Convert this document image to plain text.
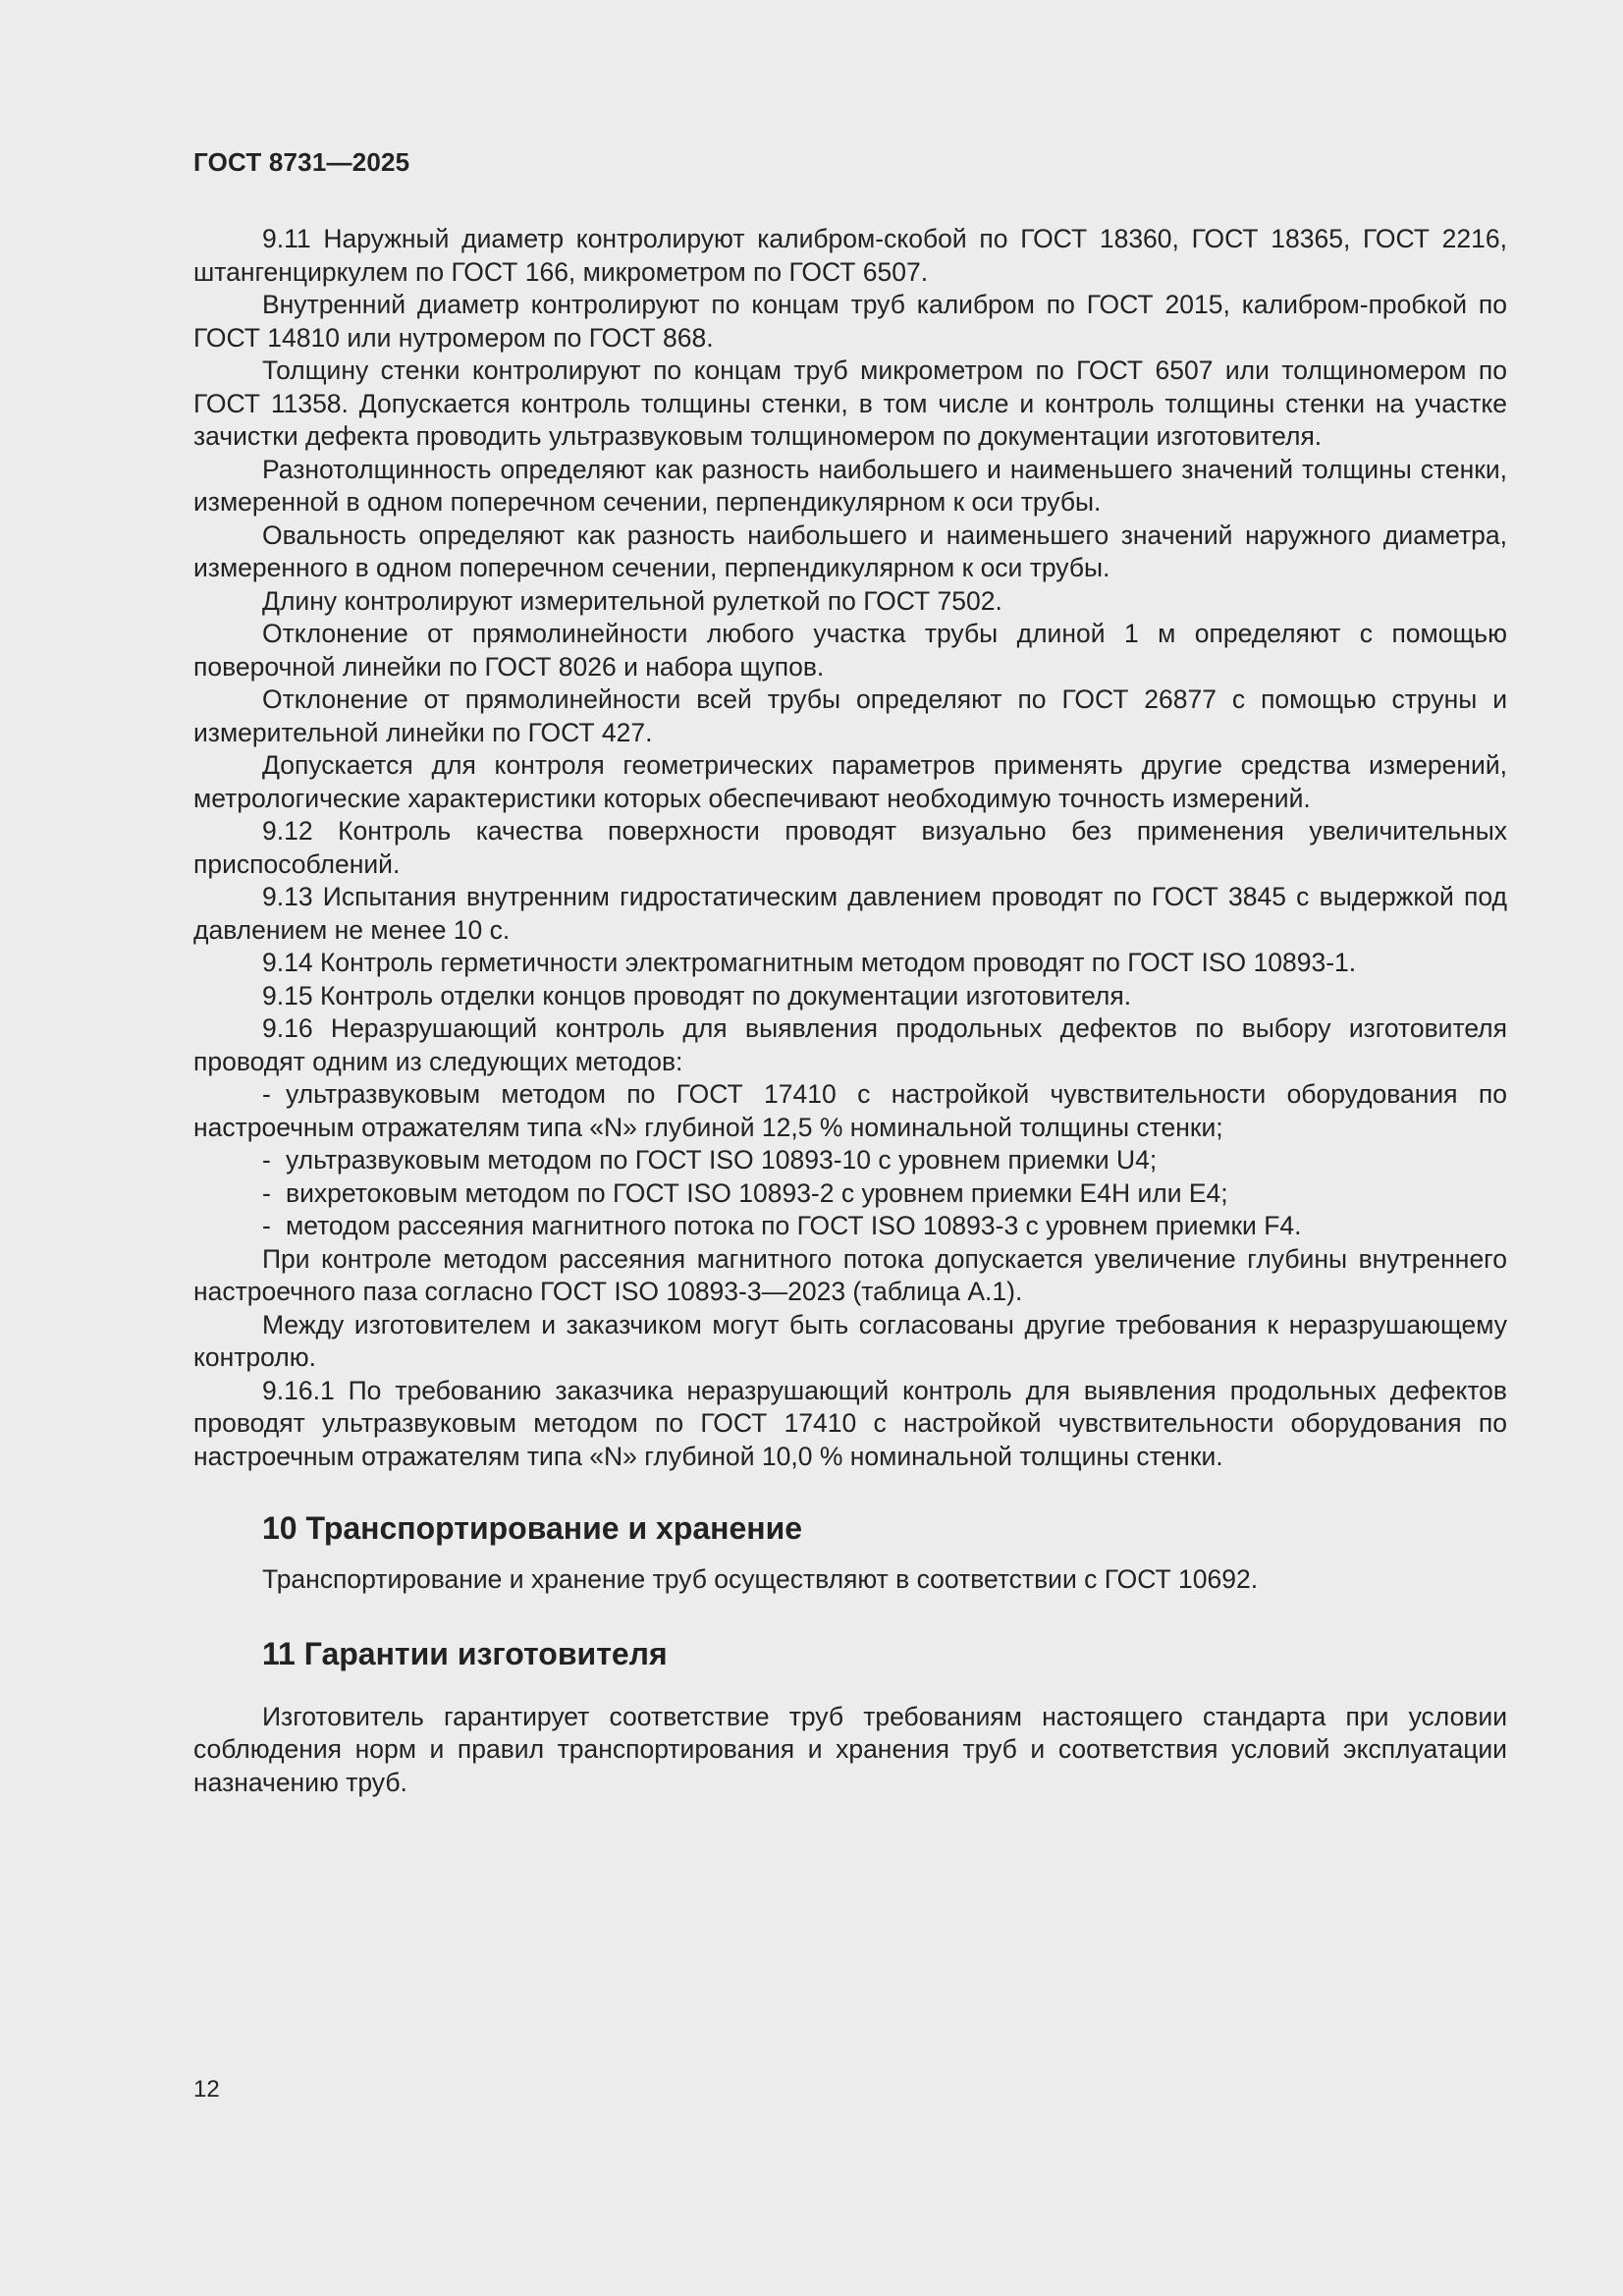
ГОСТ 8731—2025

9.11 Наружный диаметр контролируют калибром-скобой по ГОСТ 18360, ГОСТ 18365, ГОСТ 2216, штангенциркулем по ГОСТ 166, микрометром по ГОСТ 6507.

Внутренний диаметр контролируют по концам труб калибром по ГОСТ 2015, калибром-пробкой по ГОСТ 14810 или нутромером по ГОСТ 868.

Толщину стенки контролируют по концам труб микрометром по ГОСТ 6507 или толщиномером по ГОСТ 11358. Допускается контроль толщины стенки, в том числе и контроль толщины стенки на участке зачистки дефекта проводить ультразвуковым толщиномером по документации изготовителя.

Разнотолщинность определяют как разность наибольшего и наименьшего значений толщины стенки, измеренной в одном поперечном сечении, перпендикулярном к оси трубы.

Овальность определяют как разность наибольшего и наименьшего значений наружного диаметра, измеренного в одном поперечном сечении, перпендикулярном к оси трубы.

Длину контролируют измерительной рулеткой по ГОСТ 7502.

Отклонение от прямолинейности любого участка трубы длиной 1 м определяют с помощью поверочной линейки по ГОСТ 8026 и набора щупов.

Отклонение от прямолинейности всей трубы определяют по ГОСТ 26877 с помощью струны и измерительной линейки по ГОСТ 427.

Допускается для контроля геометрических параметров применять другие средства измерений, метрологические характеристики которых обеспечивают необходимую точность измерений.

9.12 Контроль качества поверхности проводят визуально без применения увеличительных приспособлений.

9.13 Испытания внутренним гидростатическим давлением проводят по ГОСТ 3845 с выдержкой под давлением не менее 10 с.

9.14 Контроль герметичности электромагнитным методом проводят по ГОСТ ISO 10893-1.

9.15 Контроль отделки концов проводят по документации изготовителя.

9.16 Неразрушающий контроль для выявления продольных дефектов по выбору изготовителя проводят одним из следующих методов:

- ультразвуковым методом по ГОСТ 17410 с настройкой чувствительности оборудования по настроечным отражателям типа «N» глубиной 12,5 % номинальной толщины стенки;

- ультразвуковым методом по ГОСТ ISO 10893-10 с уровнем приемки U4;

- вихретоковым методом по ГОСТ ISO 10893-2 с уровнем приемки E4H или E4;

- методом рассеяния магнитного потока по ГОСТ ISO 10893-3 с уровнем приемки F4.

При контроле методом рассеяния магнитного потока допускается увеличение глубины внутреннего настроечного паза согласно ГОСТ ISO 10893-3—2023 (таблица А.1).

Между изготовителем и заказчиком могут быть согласованы другие требования к неразрушающему контролю.

9.16.1 По требованию заказчика неразрушающий контроль для выявления продольных дефектов проводят ультразвуковым методом по ГОСТ 17410 с настройкой чувствительности оборудования по настроечным отражателям типа «N» глубиной 10,0 % номинальной толщины стенки.

10 Транспортирование и хранение

Транспортирование и хранение труб осуществляют в соответствии с ГОСТ 10692.

11 Гарантии изготовителя

Изготовитель гарантирует соответствие труб требованиям настоящего стандарта при условии соблюдения норм и правил транспортирования и хранения труб и соответствия условий эксплуатации назначению труб.

12
